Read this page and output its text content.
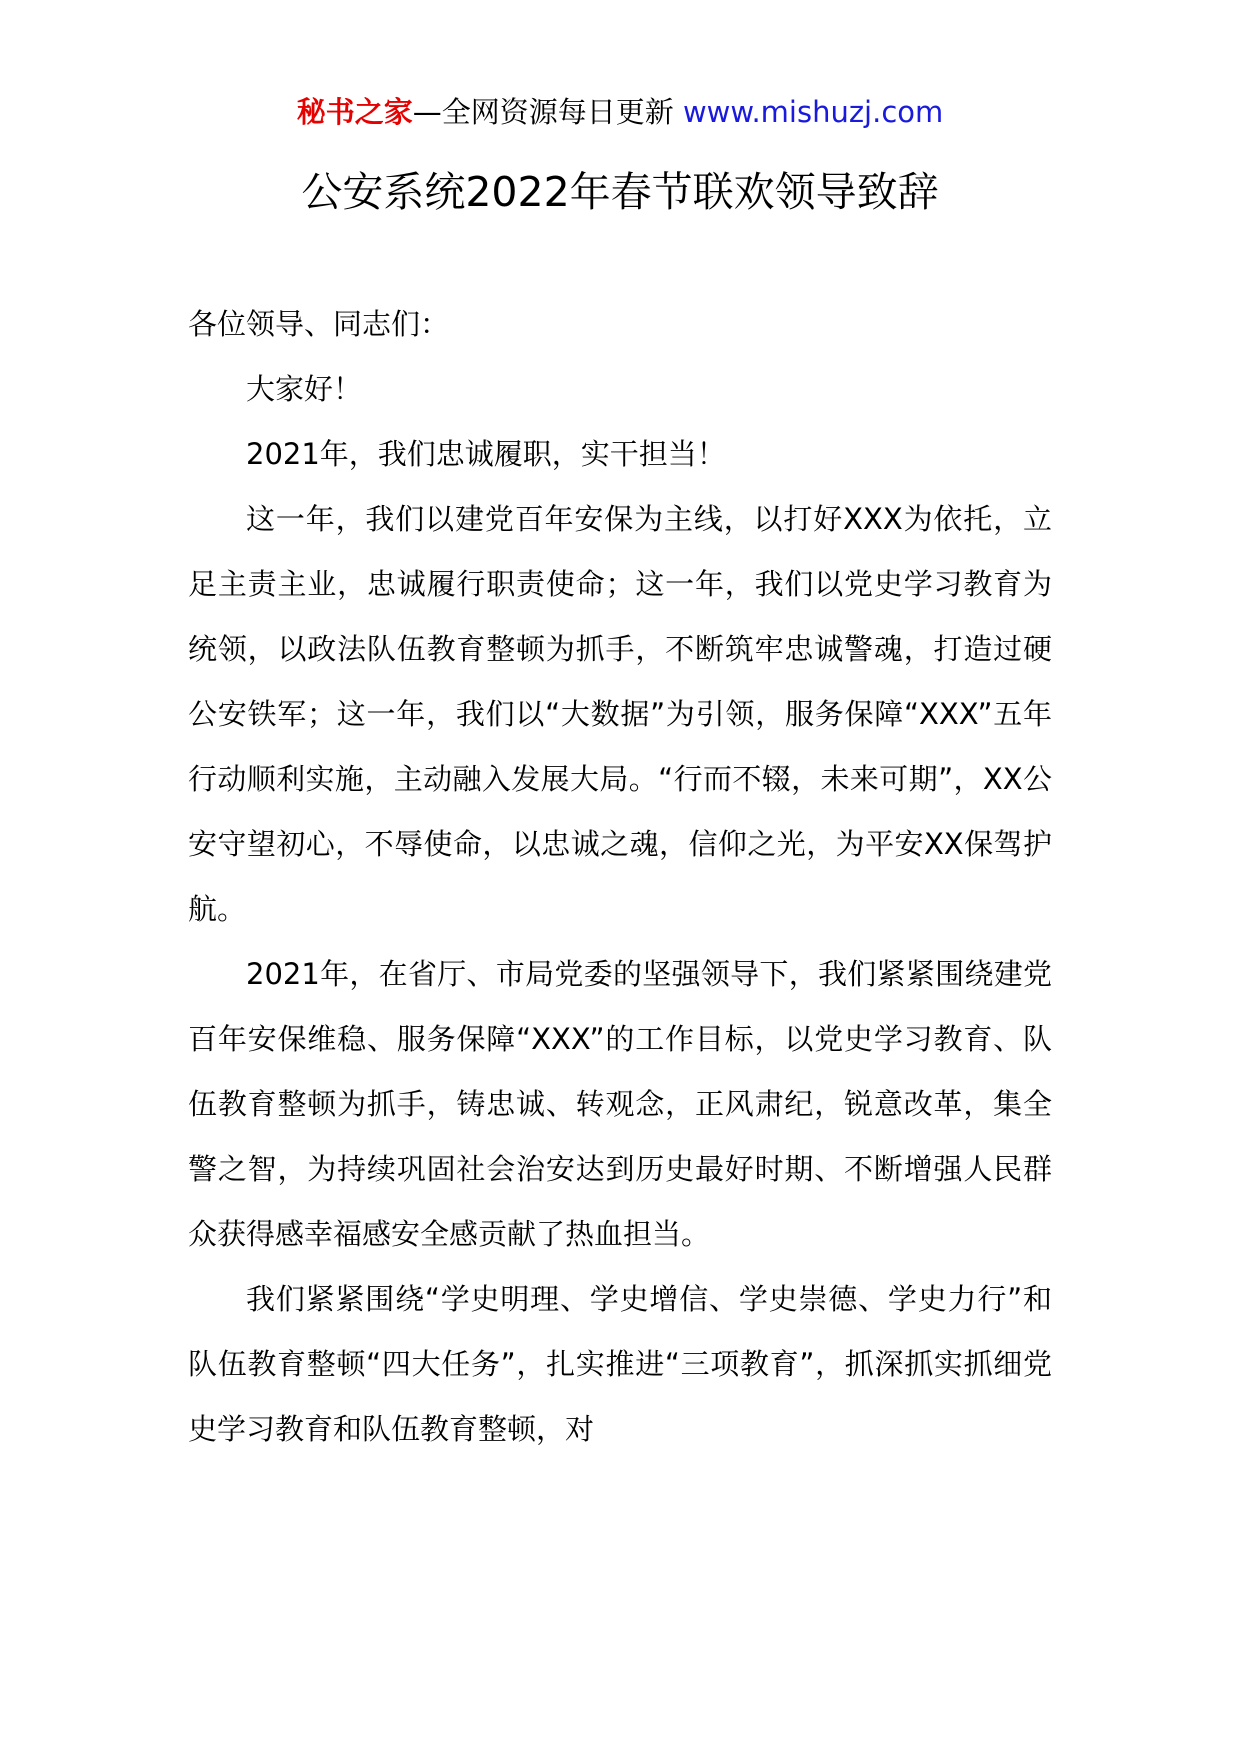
秘书之家—全网资源每日更新 www.mishuzj.com
公安系统2022年春节联欢领导致辞

各位领导、同志们：

大家好！

2021年，我们忠诚履职，实干担当！

这一年，我们以建党百年安保为主线，以打好XXX为依托，立足主责主业，忠诚履行职责使命；这一年，我们以党史学习教育为统领，以政法队伍教育整顿为抓手，不断筑牢忠诚警魂，打造过硬公安铁军；这一年，我们以“大数据”为引领，服务保障“XXX”五年行动顺利实施，主动融入发展大局。“行而不辍，未来可期”，XX公安守望初心，不辱使命，以忠诚之魂，信仰之光，为平安XX保驾护航。

2021年，在省厅、市局党委的坚强领导下，我们紧紧围绕建党百年安保维稳、服务保障“XXX”的工作目标，以党史学习教育、队伍教育整顿为抓手，铸忠诚、转观念，正风肃纪，锐意改革，集全警之智，为持续巩固社会治安达到历史最好时期、不断增强人民群众获得感幸福感安全感贡献了热血担当。

我们紧紧围绕“学史明理、学史增信、学史崇德、学史力行”和队伍教育整顿“四大任务”，扎实推进“三项教育”，抓深抓实抓细党史学习教育和队伍教育整顿，对
